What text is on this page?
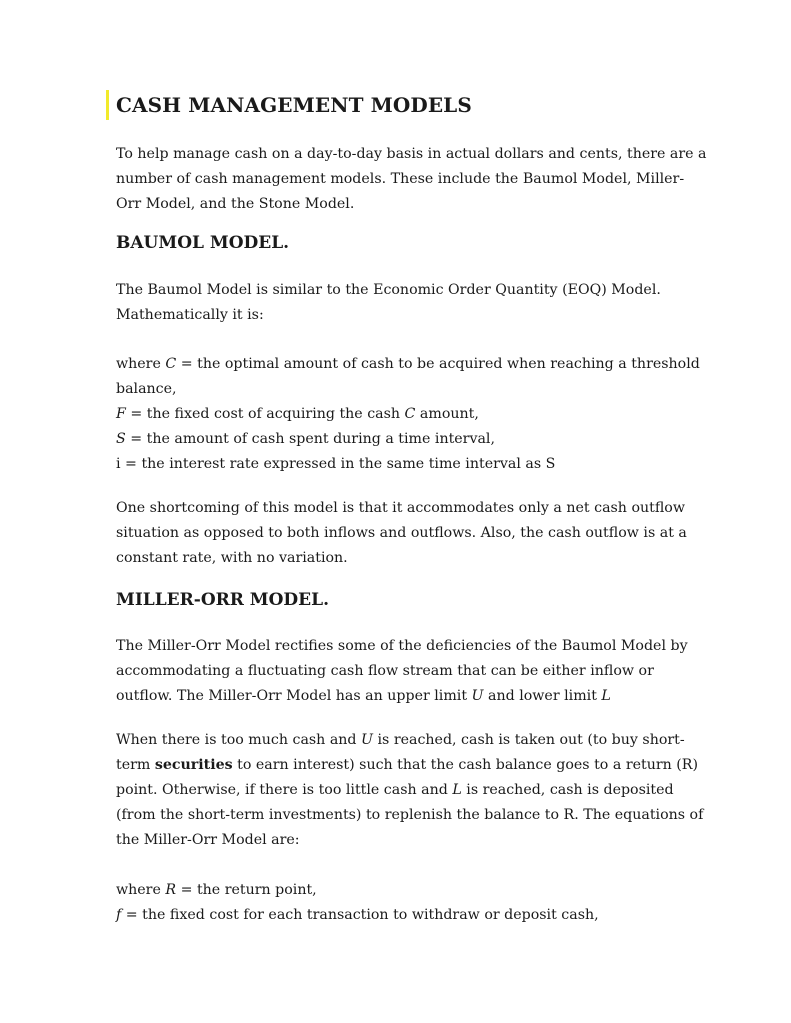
CASH MANAGEMENT MODELS

To help manage cash on a day-to-day basis in actual dollars and cents, there are a
number of cash management models. These include the Baumol Model, Miller-
Orr Model, and the Stone Model.

BAUMOL MODEL.

The Baumol Model is similar to the Economic Order Quantity (EOQ) Model.
Mathematically it is:

where C = the optimal amount of cash to be acquired when reaching a threshold
balance,
F = the fixed cost of acquiring the cash C amount,
S = the amount of cash spent during a time interval,
i = the interest rate expressed in the same time interval as S

One shortcoming of this model is that it accommodates only a net cash outflow
situation as opposed to both inflows and outflows. Also, the cash outflow is at a
constant rate, with no variation.

MILLER-ORR MODEL.

The Miller-Orr Model rectifies some of the deficiencies of the Baumol Model by
accommodating a fluctuating cash flow stream that can be either inflow or
outflow. The Miller-Orr Model has an upper limit U and lower limit L

When there is too much cash and U is reached, cash is taken out (to buy short-
term securities to earn interest) such that the cash balance goes to a return (R)
point. Otherwise, if there is too little cash and L is reached, cash is deposited
(from the short-term investments) to replenish the balance to R. The equations of
the Miller-Orr Model are:

where R = the return point,
f = the fixed cost for each transaction to withdraw or deposit cash,
